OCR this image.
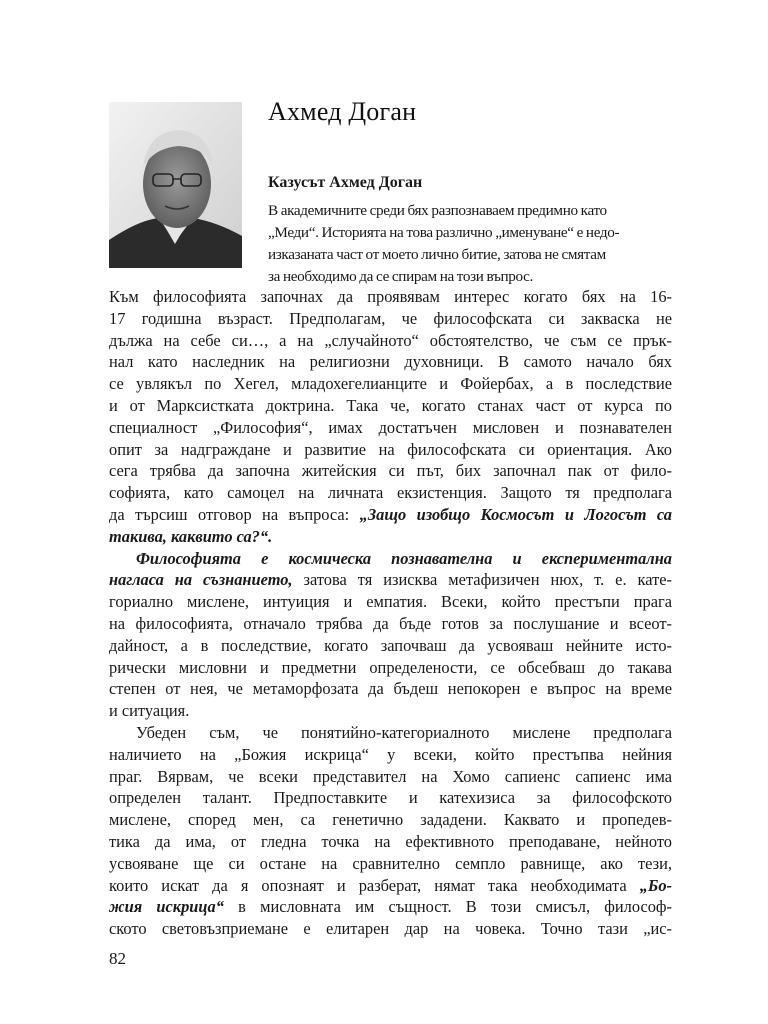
Ахмед Доган
Казусът Ахмед Доган
В академичните среди бях разпознаваем предимно като
„Меди“. Историята на това различно „именуване“ е недо-
изказаната част от моето лично битие, затова не смятам
за необходимо да се спирам на този въпрос.
Към философията започнах да проявявам интерес когато бях на 16-
17 годишна възраст. Предполагам, че философската си закваска не
дължа на себе си…, а на „случайното“ обстоятелство, че съм се прък-
нал като наследник на религиозни духовници. В самото начало бях
се увлякъл по Хегел, младохегелианците и Фойербах, а в последствие
и от Марксистката доктрина. Така че, когато станах част от курса по
специалност „Философия“, имах достатъчен мисловен и познавателен
опит за надграждане и развитие на философската си ориентация. Ако
сега трябва да започна житейския си път, бих започнал пак от фило-
софията, като самоцел на личната екзистенция. Защото тя предполага
да търсиш отговор на въпроса: „Защо изобщо Космосът и Логосът са
такива, каквито са?“.
Философията е космическа познавателна и експериментална
нагласа на съзнанието, затова тя изисква метафизичен нюх, т. е. кате-
гориално мислене, интуиция и емпатия. Всеки, който престъпи прага
на философията, отначало трябва да бъде готов за послушание и всеот-
дайност, а в последствие, когато започваш да усвояваш нейните исто-
рически мисловни и предметни определености, се обсебваш до такава
степен от нея, че метаморфозата да бъдеш непокорен е въпрос на време
и ситуация.
Убеден съм, че понятийно-категориалното мислене предполага
наличието на „Божия искрица“ у всеки, който престъпва нейния
праг. Вярвам, че всеки представител на Хомо сапиенс сапиенс има
определен талант. Предпоставките и катехизиса за философското
мислене, според мен, са генетично зададени. Каквато и пропедев-
тика да има, от гледна точка на ефективното преподаване, нейното
усвояване ще си остане на сравнително семпло равнище, ако тези,
които искат да я опознаят и разберат, нямат така необходимата „Бо-
жия искрица“ в мисловната им същност. В този смисъл, философ-
ското световъзприемане е елитарен дар на човека. Точно тази „ис-
82
